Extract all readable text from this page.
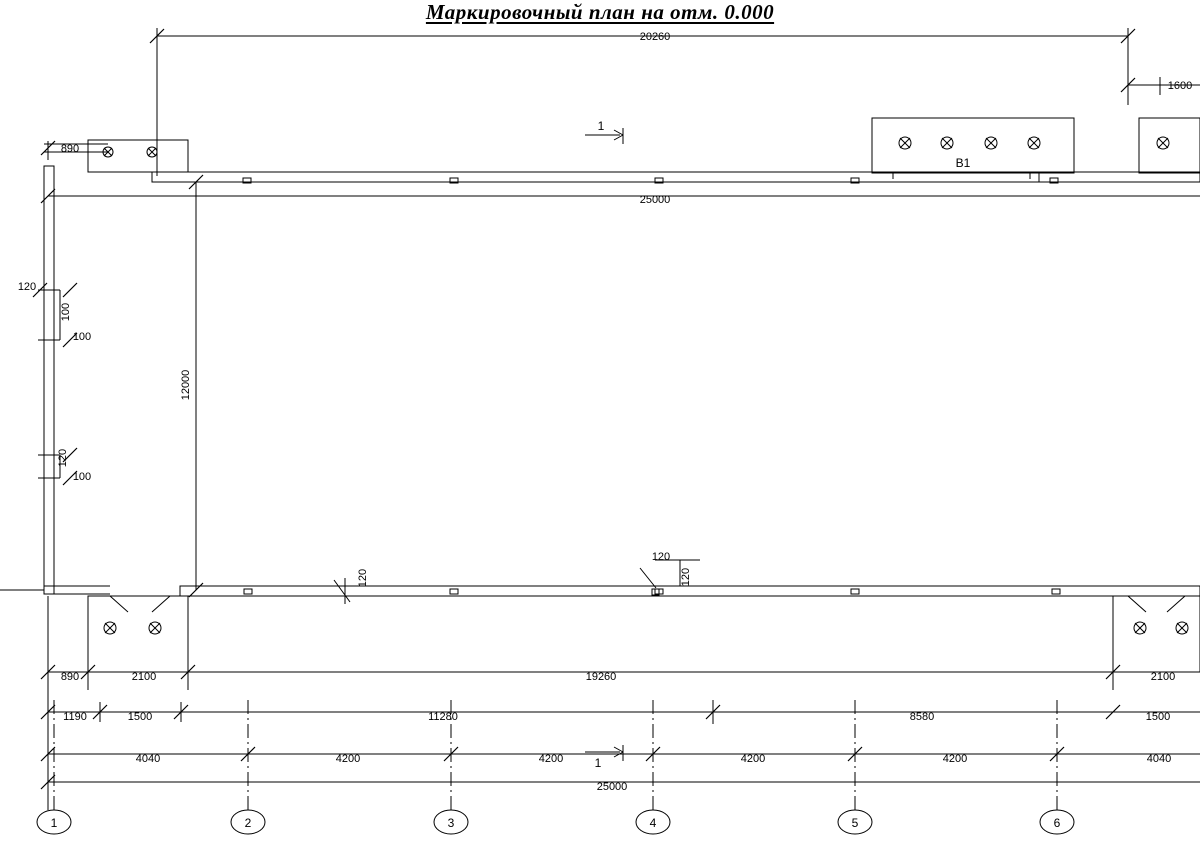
Маркировочный план на отм. 0.000
20260
1600
25000
890
120
100
100
120
100
12000
120
120
120
890	2100	19260	2100
1190	1500	11280	8580	1500
4040	4200	4200	4200	4200	4040
25000
B1
1
1
1	2	3	4	5	6
